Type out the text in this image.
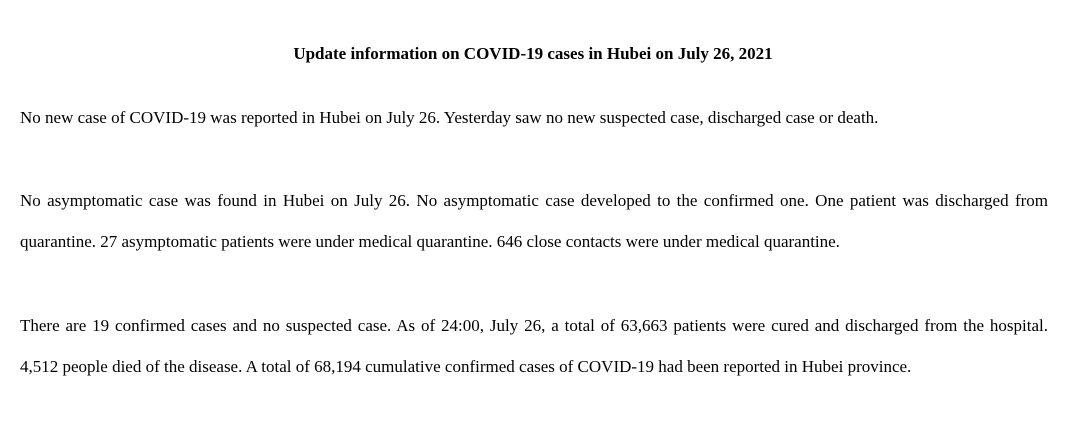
Update information on COVID-19 cases in Hubei on July 26, 2021

No new case of COVID-19 was reported in Hubei on July 26. Yesterday saw no new suspected case, discharged case or death.

No asymptomatic case was found in Hubei on July 26. No asymptomatic case developed to the confirmed one. One patient was discharged from quarantine. 27 asymptomatic patients were under medical quarantine. 646 close contacts were under medical quarantine.

There are 19 confirmed cases and no suspected case. As of 24:00, July 26, a total of 63,663 patients were cured and discharged from the hospital. 4,512 people died of the disease. A total of 68,194 cumulative confirmed cases of COVID-19 had been reported in Hubei province.
